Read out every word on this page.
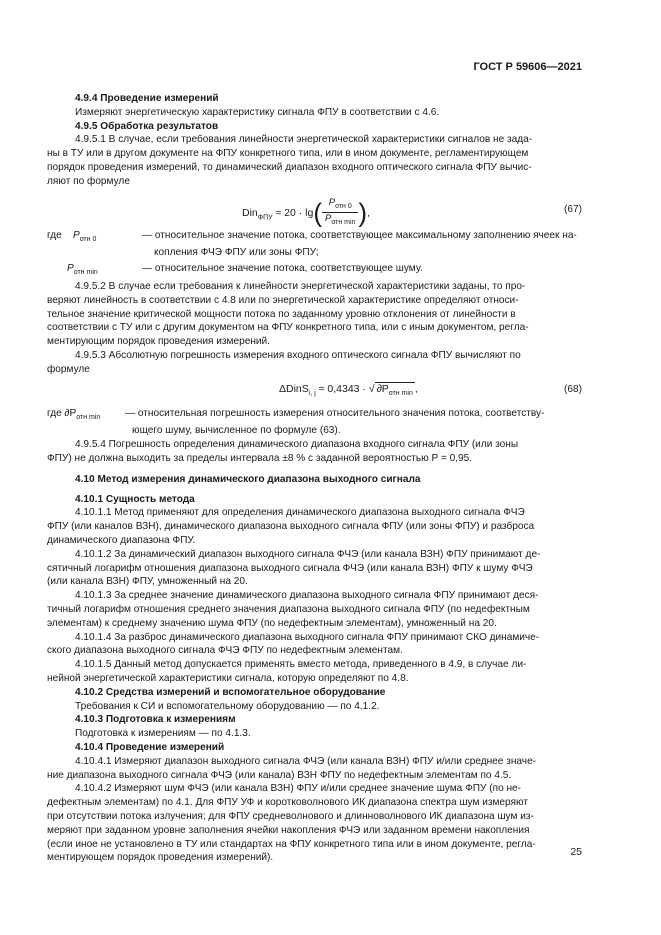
ГОСТ Р 59606—2021

4.9.4 Проведение измерений

Измеряют энергетическую характеристику сигнала ФПУ в соответствии с 4.6.

4.9.5 Обработка результатов

4.9.5.1 В случае, если требования линейности энергетической характеристики сигналов не зада-

ны в ТУ или в другом документе на ФПУ конкретного типа, или в ином документе, регламентирующем

порядок проведения измерений, то динамический диапазон входного оптического сигнала ФПУ вычис-

ляют по формуле

$Din_{ФПУ} \approx 20 \cdot \lg( \frac{P_{отн 0}}{P_{отн min}}$ ),	(67)
где $P_{отн 0}$	— относительное значение потока, соответствующее максимальному заполнению ячеек на-

копления ФЧЭ ФПУ или зоны ФПУ;

$P_{отн min}$	— относительное значение потока, соответствующее шуму.

4.9.5.2 В случае если требования к линейности энергетической характеристики заданы, то про-

веряют линейность в соответствии с 4.8 или по энергетической характеристике определяют относи-

тельное значение критической мощности потока по заданному уровню отклонения от линейности в

соответствии с ТУ или с другим документом на ФПУ конкретного типа, или с иным документом, регла-

ментирующим порядок проведения измерений.

4.9.5.3 Абсолютную погрешность измерения входного оптического сигнала ФПУ вычисляют по

формуле

ΔDinS$_{i, j}$ ≈ 0,4343 · √ $\partial P_{отн min}$ ,	(68)
где $\partial P_{отн min}$	— относительная погрешность измерения относительного значения потока, соответству-

ющего шуму, вычисленное по формуле (63).

4.9.5.4 Погрешность определения динамического диапазона входного сигнала ФПУ (или зоны

ФПУ) не должна выходить за пределы интервала ±8 % с заданной вероятностью P = 0,95.

4.10 Метод измерения динамического диапазона выходного сигнала

4.10.1 Сущность метода

4.10.1.1 Метод применяют для определения динамического диапазона выходного сигнала ФЧЭ

ФПУ (или каналов ВЗН), динамического диапазона выходного сигнала ФПУ (или зоны ФПУ) и разброса

динамического диапазона ФПУ.

4.10.1.2 За динамический диапазон выходного сигнала ФЧЭ (или канала ВЗН) ФПУ принимают де-

сятичный логарифм отношения диапазона выходного сигнала ФЧЭ (или канала ВЗН) ФПУ к шуму ФЧЭ

(или канала ВЗН) ФПУ, умноженный на 20.

4.10.1.3 За среднее значение динамического диапазона выходного сигнала ФПУ принимают деся-

тичный логарифм отношения среднего значения диапазона выходного сигнала ФПУ (по недефектным

элементам) к среднему значению шума ФПУ (по недефектным элементам), умноженный на 20.

4.10.1.4 За разброс динамического диапазона выходного сигнала ФПУ принимают СКО динамиче-

ского диапазона выходного сигнала ФЧЭ ФПУ по недефектным элементам.

4.10.1.5 Данный метод допускается применять вместо метода, приведенного в 4.9, в случае ли-

нейной энергетической характеристики сигнала, которую определяют по 4.8.

4.10.2 Средства измерений и вспомогательное оборудование

Требования к СИ и вспомогательному оборудованию — по 4.1.2.

4.10.3 Подготовка к измерениям

Подготовка к измерениям — по 4.1.3.

4.10.4 Проведение измерений

4.10.4.1 Измеряют диапазон выходного сигнала ФЧЭ (или канала ВЗН) ФПУ и/или среднее значе-

ние диапазона выходного сигнала ФЧЭ (или канала) ВЗН ФПУ по недефектным элементам по 4.5.

4.10.4.2 Измеряют шум ФЧЭ (или канала ВЗН) ФПУ и/или среднее значение шума ФПУ (по не-

дефектным элементам) по 4.1. Для ФПУ УФ и коротковолнового ИК диапазона спектра шум измеряют

при отсутствии потока излучения; для ФПУ средневолнового и длинноволнового ИК диапазона шум из-

меряют при заданном уровне заполнения ячейки накопления ФЧЭ или заданном времени накопления

(если иное не установлено в ТУ или стандартах на ФПУ конкретного типа или в ином документе, регла-

ментирующем порядок проведения измерений).	25
